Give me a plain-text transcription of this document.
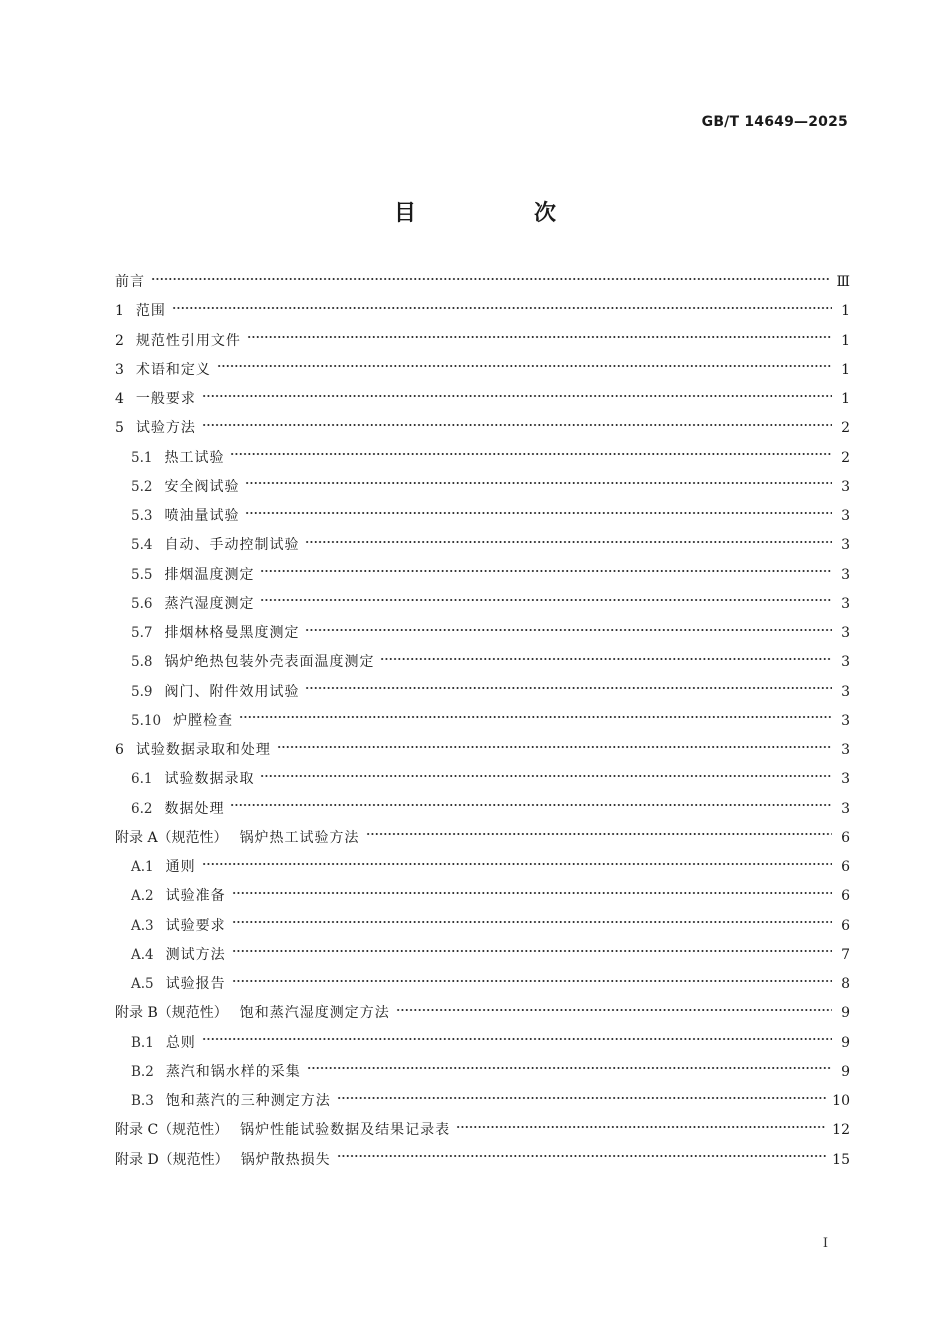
GB/T 14649—2025
目　次
前言	Ⅲ
1 范围	1
2 规范性引用文件	1
3 术语和定义	1
4 一般要求	1
5 试验方法	2
5.1 热工试验	2
5.2 安全阀试验	3
5.3 喷油量试验	3
5.4 自动、手动控制试验	3
5.5 排烟温度测定	3
5.6 蒸汽湿度测定	3
5.7 排烟林格曼黑度测定	3
5.8 锅炉绝热包装外壳表面温度测定	3
5.9 阀门、附件效用试验	3
5.10 炉膛检查	3
6 试验数据录取和处理	3
6.1 试验数据录取	3
6.2 数据处理	3
附录 A（规范性） 锅炉热工试验方法	6
A.1 通则	6
A.2 试验准备	6
A.3 试验要求	6
A.4 测试方法	7
A.5 试验报告	8
附录 B（规范性） 饱和蒸汽湿度测定方法	9
B.1 总则	9
B.2 蒸汽和锅水样的采集	9
B.3 饱和蒸汽的三种测定方法	10
附录 C（规范性） 锅炉性能试验数据及结果记录表	12
附录 D（规范性） 锅炉散热损失	15
Ⅰ
